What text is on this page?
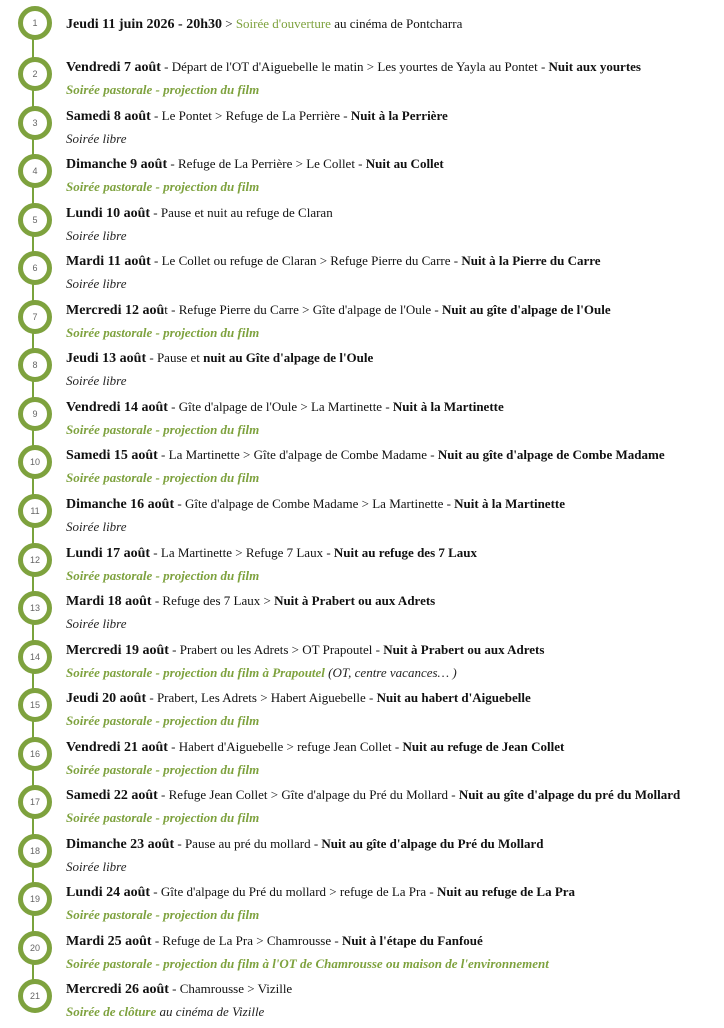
1 Jeudi 11 juin 2026 - 20h30 > Soirée d'ouverture au cinéma de Pontcharra
2 Vendredi 7 août - Départ de l'OT d'Aiguebelle le matin > Les yourtes de Yayla au Pontet - Nuit aux yourtes
Soirée pastorale - projection du film
3 Samedi 8 août - Le Pontet > Refuge de La Perrière - Nuit à la Perrière
Soirée libre
4 Dimanche 9 août - Refuge de La Perrière > Le Collet - Nuit au Collet
Soirée pastorale - projection du film
5 Lundi 10 août - Pause et nuit au refuge de Claran
Soirée libre
6 Mardi 11 août - Le Collet ou refuge de Claran > Refuge Pierre du Carre - Nuit à la Pierre du Carre
Soirée libre
7 Mercredi 12 août - Refuge Pierre du Carre > Gîte d'alpage de l'Oule - Nuit au gîte d'alpage de l'Oule
Soirée pastorale - projection du film
8 Jeudi 13 août - Pause et nuit au Gîte d'alpage de l'Oule
Soirée libre
9 Vendredi 14 août - Gîte d'alpage de l'Oule > La Martinette - Nuit à la Martinette
Soirée pastorale - projection du film
10 Samedi 15 août - La Martinette > Gîte d'alpage de Combe Madame - Nuit au gîte d'alpage de Combe Madame
Soirée pastorale - projection du film
11 Dimanche 16 août - Gîte d'alpage de Combe Madame > La Martinette - Nuit à la Martinette
Soirée libre
12 Lundi 17 août - La Martinette > Refuge 7 Laux - Nuit au refuge des 7 Laux
Soirée pastorale - projection du film
13 Mardi 18 août - Refuge des 7 Laux > Nuit à Prabert ou aux Adrets
Soirée libre
14 Mercredi 19 août - Prabert ou les Adrets > OT Prapoutel - Nuit à Prabert ou aux Adrets
Soirée pastorale - projection du film à Prapoutel (OT, centre vacances… )
15 Jeudi 20 août - Prabert, Les Adrets > Habert Aiguebelle - Nuit au habert d'Aiguebelle
Soirée pastorale - projection du film
16 Vendredi 21 août - Habert d'Aiguebelle > refuge Jean Collet - Nuit au refuge de Jean Collet
Soirée pastorale - projection du film
17 Samedi 22 août - Refuge Jean Collet > Gîte d'alpage du Pré du Mollard - Nuit au gîte d'alpage du pré du Mollard
Soirée pastorale - projection du film
18 Dimanche 23 août - Pause au pré du mollard - Nuit au gîte d'alpage du Pré du Mollard
Soirée libre
19 Lundi 24 août - Gîte d'alpage du Pré du mollard > refuge de La Pra - Nuit au refuge de La Pra
Soirée pastorale - projection du film
20 Mardi 25 août - Refuge de La Pra > Chamrousse - Nuit à l'étape du Fanfoué
Soirée pastorale - projection du film à l'OT de Chamrousse ou maison de l'environnement
21 Mercredi 26 août - Chamrousse > Vizille
Soirée de clôture au cinéma de Vizille
